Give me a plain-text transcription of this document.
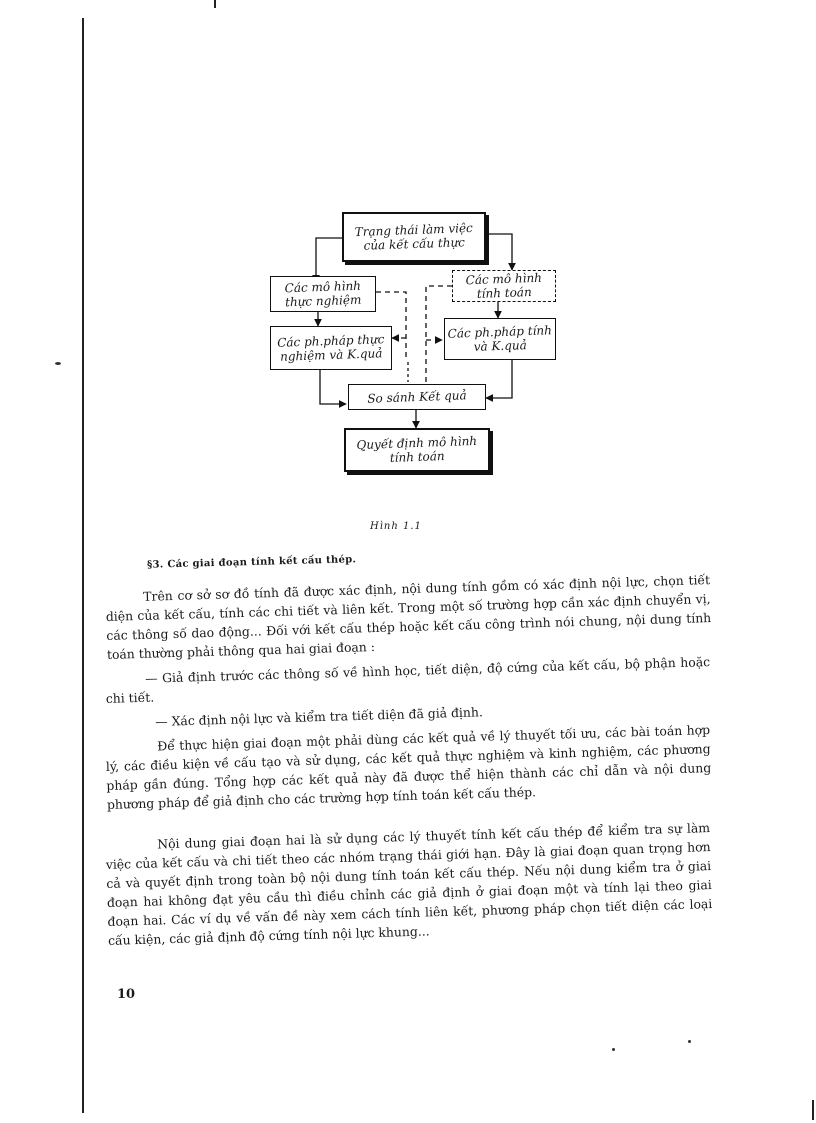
Trạng thái làm việc
của kết cấu thực
Các mô hình
thực nghiệm
Các mô hình
tính toán
Các ph.pháp thực
nghiệm và K.quả
Các ph.pháp tính
và K.quả
So sánh Kết quả
Quyết định mô hình
tính toán
Hình 1.1
§3. Các giai đoạn tính kết cấu thép.
Trên cơ sở sơ đồ tính đã được xác định, nội dung tính gồm có xác định nội lực, chọn tiết diện của kết cấu, tính các chi tiết và liên kết. Trong một số trường hợp cần xác định chuyển vị, các thông số dao động... Đối với kết cấu thép hoặc kết cấu công trình nói chung, nội dung tính toán thường phải thông qua hai giai đoạn :
— Giả định trước các thông số về hình học, tiết diện, độ cứng của kết cấu, bộ phận hoặc chi tiết.
— Xác định nội lực và kiểm tra tiết diện đã giả định.
Để thực hiện giai đoạn một phải dùng các kết quả về lý thuyết tối ưu, các bài toán hợp lý, các điều kiện về cấu tạo và sử dụng, các kết quả thực nghiệm và kinh nghiệm, các phương pháp gần đúng. Tổng hợp các kết quả này đã được thể hiện thành các chỉ dẫn và nội dung phương pháp để giả định cho các trường hợp tính toán kết cấu thép.
Nội dung giai đoạn hai là sử dụng các lý thuyết tính kết cấu thép để kiểm tra sự làm việc của kết cấu và chi tiết theo các nhóm trạng thái giới hạn. Đây là giai đoạn quan trọng hơn cả và quyết định trong toàn bộ nội dung tính toán kết cấu thép. Nếu nội dung kiểm tra ở giai đoạn hai không đạt yêu cầu thì điều chỉnh các giả định ở giai đoạn một và tính lại theo giai đoạn hai. Các ví dụ về vấn đề này xem cách tính liên kết, phương pháp chọn tiết diện các loại cấu kiện, các giả định độ cứng tính nội lực khung...
10
